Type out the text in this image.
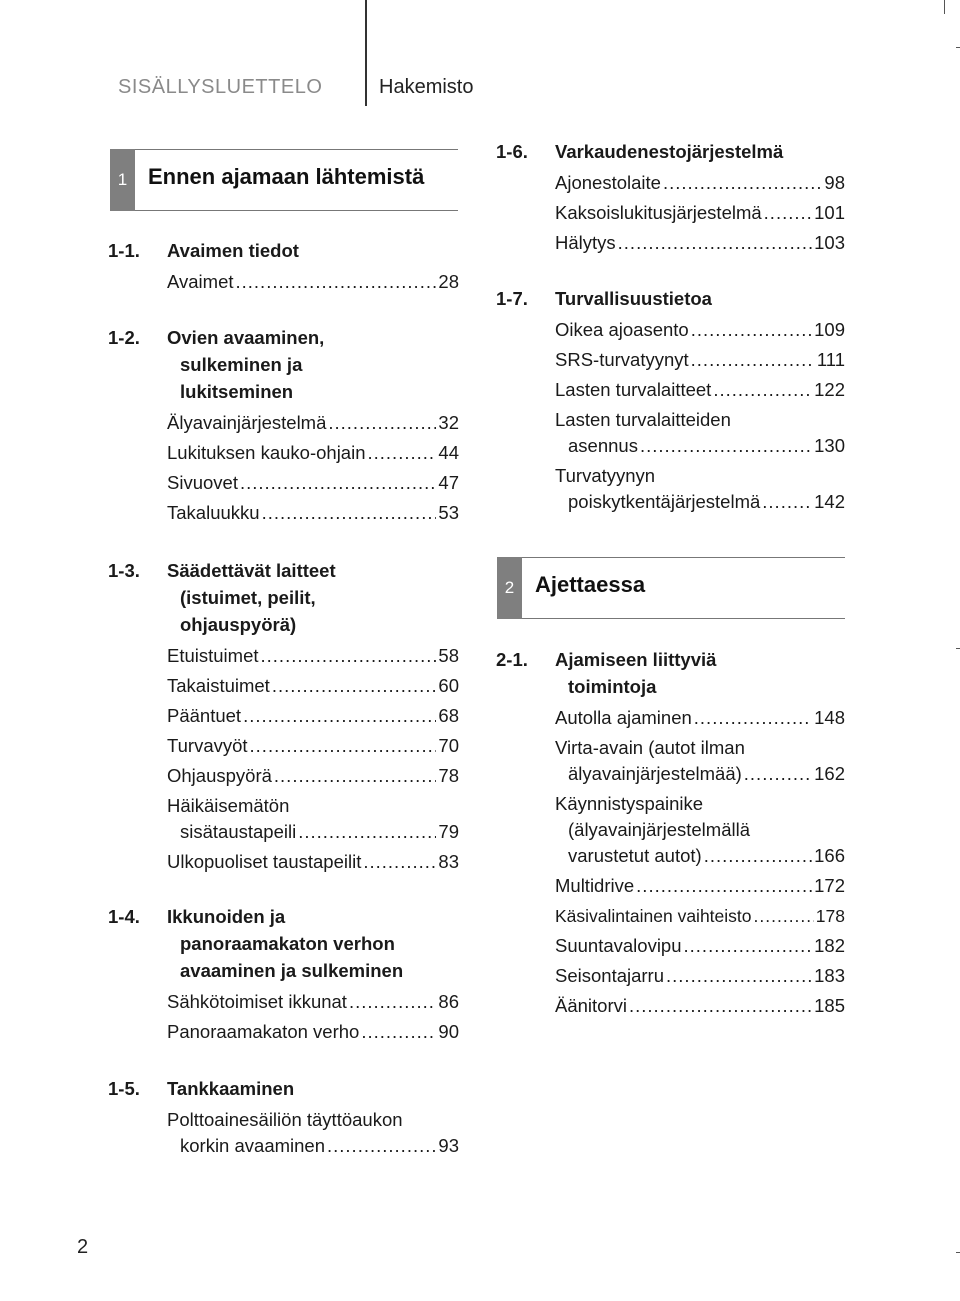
SISÄLLYSLUETTELO	Hakemisto
1 Ennen ajamaan lähtemistä
2 Ajettaessa
1-1. Avaimen tiedot
Avaimet .....	28
1-2. Ovien avaaminen, sulkeminen ja lukitseminen
Älyavainjärjestelmä .....	32
Lukituksen kauko-ohjain .....	44
Sivuovet .....	47
Takaluukku .....	53
1-3. Säädettävät laitteet (istuimet, peilit, ohjauspyörä)
Etuistuimet .....	58
Takaistuimet .....	60
Pääntuet .....	68
Turvavyöt .....	70
Ohjauspyörä .....	78
Häikäisemätön
sisätaustapeili .....	79
Ulkopuoliset taustapeilit .....	83
1-4. Ikkunoiden ja panoraamakaton verhon avaaminen ja sulkeminen
Sähkötoimiset ikkunat .....	86
Panoraamakaton verho .....	90
1-5. Tankkaaminen
Polttoainesäiliön täyttöaukon
korkin avaaminen .....	93
1-6. Varkaudenestojärjestelmä
Ajonestolaite .....	98
Kaksoislukitusjärjestelmä .....	101
Hälytys .....	103
1-7. Turvallisuustietoa
Oikea ajoasento .....	109
SRS-turvatyynyt .....	111
Lasten turvalaitteet .....	122
Lasten turvalaitteiden
asennus .....	130
Turvatyynyn
poiskytkentäjärjestelmä .....	142
2-1. Ajamiseen liittyviä toimintoja
Autolla ajaminen .....	148
Virta-avain (autot ilman
älyavainjärjestelmää) .....	162
Käynnistyspainike
(älyavainjärjestelmällä
varustetut autot) .....	166
Multidrive .....	172
Käsivalintainen vaihteisto .....	178
Suuntavalovipu .....	182
Seisontajarru .....	183
Äänitorvi .....	185
2
